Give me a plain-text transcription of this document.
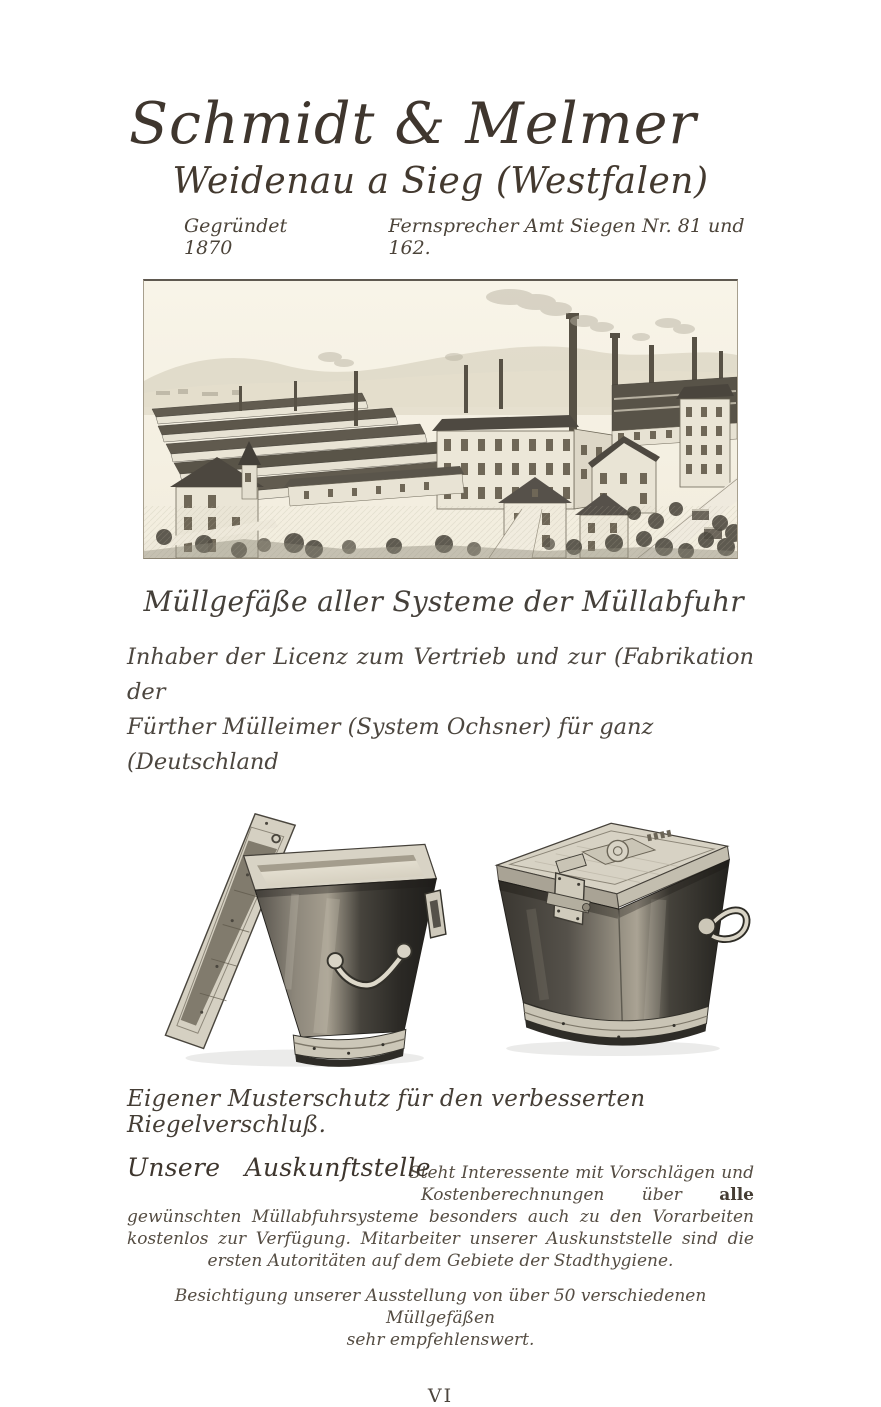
Schmidt & Melmer
Weidenau a Sieg (Westfalen)
Gegründet 1870
Fernsprecher Amt Siegen Nr. 81 und 162.
Müllgefäße aller Systeme der Müllabfuhr
Inhaber der Licenz zum Vertrieb und zur (Fabrikation der
Fürther Mülleimer (System Ochsner) für ganz (Deutschland
Eigener Musterschutz für den verbesserten Riegelverschluß.
Unsere Auskunftstelle
Steht Interessente mit Vorschlägen und Kostenberechnungen über alle gewünschten Müllabfuhrsysteme besonders auch zu den Vorarbeiten kostenlos zur Verfügung. Mitarbeiter unserer Auskunststelle sind die ersten Autoritäten auf dem Gebiete der Stadthygiene.
Besichtigung unserer Ausstellung von über 50 verschiedenen Müllgefäßen
sehr empfehlenswert.
VI
